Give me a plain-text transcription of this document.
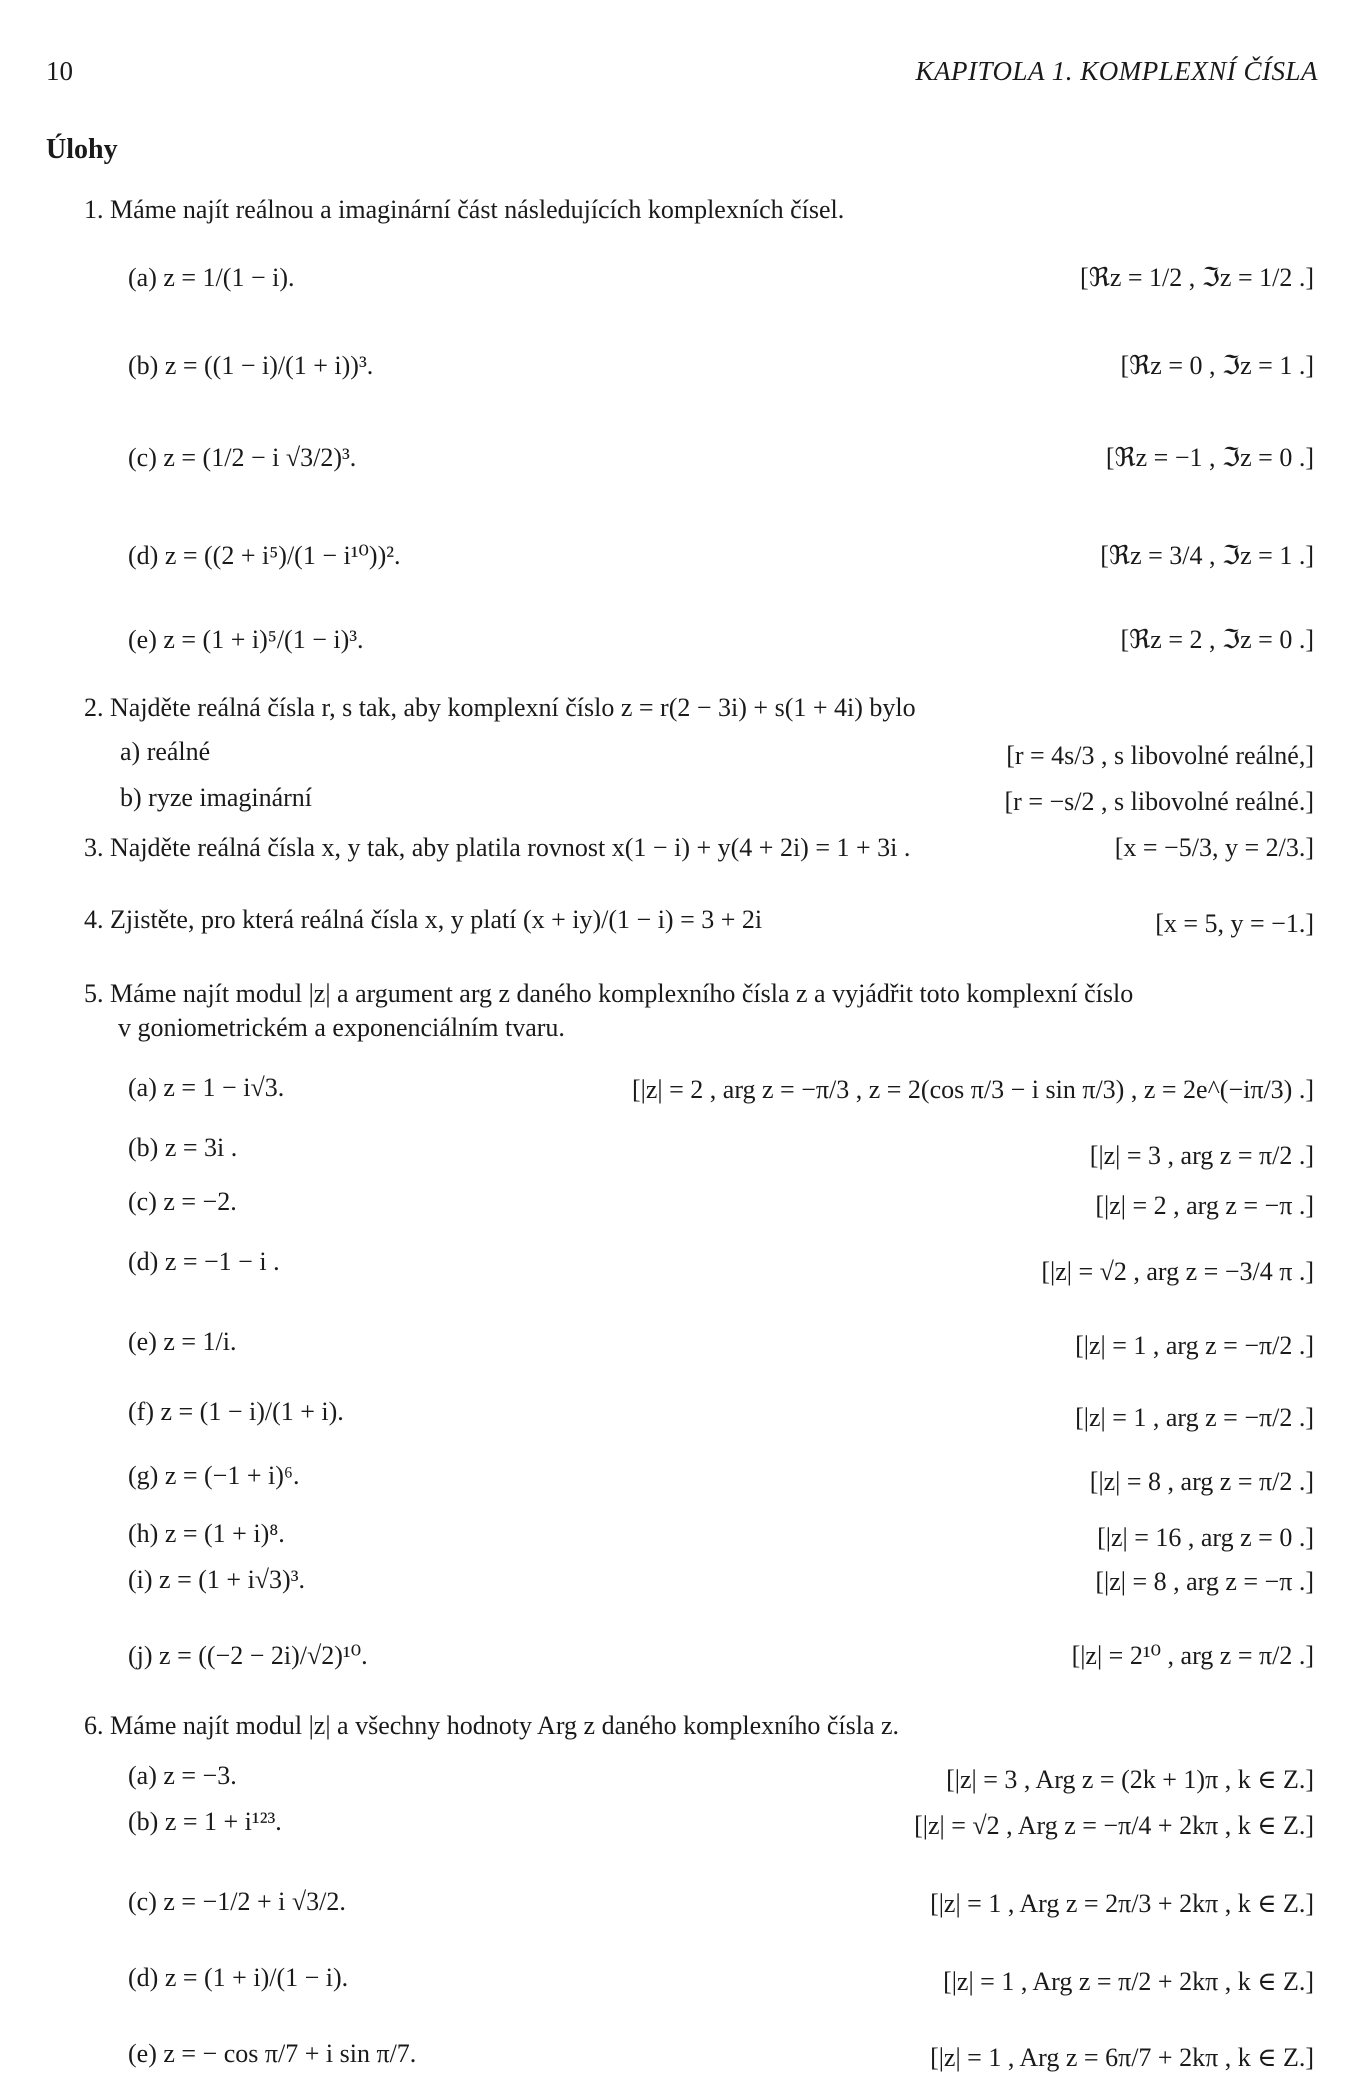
10	KAPITOLA 1. KOMPLEXNÍ ČÍSLA
Úlohy
1. Máme najít reálnou a imaginární část následujících komplexních čísel.
(a) z = 1/(1 − i).	[ℜz = 1/2 , ℑz = 1/2 .]
(b) z = ((1 − i)/(1 + i))³.	[ℜz = 0 , ℑz = 1 .]
(c) z = (1/2 − i √3/2)³.	[ℜz = −1 , ℑz = 0 .]
(d) z = ((2 + i⁵)/(1 − i¹⁰))².	[ℜz = 3/4 , ℑz = 1 .]
(e) z = (1 + i)⁵/(1 − i)³.	[ℜz = 2 , ℑz = 0 .]
2. Najděte reálná čísla r, s tak, aby komplexní číslo z = r(2 − 3i) + s(1 + 4i) bylo
a) reálné	[r = 4s/3 , s libovolné reálné,]
b) ryze imaginární	[r = −s/2 , s libovolné reálné.]
3. Najděte reálná čísla x, y tak, aby platila rovnost x(1 − i) + y(4 + 2i) = 1 + 3i .	[x = −5/3, y = 2/3.]
4. Zjistěte, pro která reálná čísla x, y platí (x + iy)/(1 − i) = 3 + 2i	[x = 5, y = −1.]
5. Máme najít modul |z| a argument arg z daného komplexního čísla z a vyjádřit toto komplexní číslo
v goniometrickém a exponenciálním tvaru.
(a) z = 1 − i√3.	[|z| = 2 , arg z = −π/3 , z = 2(cos π/3 − i sin π/3) , z = 2e^(−iπ/3) .]
(b) z = 3i .	[|z| = 3 , arg z = π/2 .]
(c) z = −2.	[|z| = 2 , arg z = −π .]
(d) z = −1 − i .	[|z| = √2 , arg z = −3/4 π .]
(e) z = 1/i.	[|z| = 1 , arg z = −π/2 .]
(f) z = (1 − i)/(1 + i).	[|z| = 1 , arg z = −π/2 .]
(g) z = (−1 + i)⁶.	[|z| = 8 , arg z = π/2 .]
(h) z = (1 + i)⁸.	[|z| = 16 , arg z = 0 .]
(i) z = (1 + i√3)³.	[|z| = 8 , arg z = −π .]
(j) z = ((−2 − 2i)/√2)¹⁰.	[|z| = 2¹⁰ , arg z = π/2 .]
6. Máme najít modul |z| a všechny hodnoty Arg z daného komplexního čísla z.
(a) z = −3.	[|z| = 3 , Arg z = (2k + 1)π , k ∈ Z.]
(b) z = 1 + i¹²³.	[|z| = √2 , Arg z = −π/4 + 2kπ , k ∈ Z.]
(c) z = −1/2 + i √3/2.	[|z| = 1 , Arg z = 2π/3 + 2kπ , k ∈ Z.]
(d) z = (1 + i)/(1 − i).	[|z| = 1 , Arg z = π/2 + 2kπ , k ∈ Z.]
(e) z = − cos π/7 + i sin π/7.	[|z| = 1 , Arg z = 6π/7 + 2kπ , k ∈ Z.]
